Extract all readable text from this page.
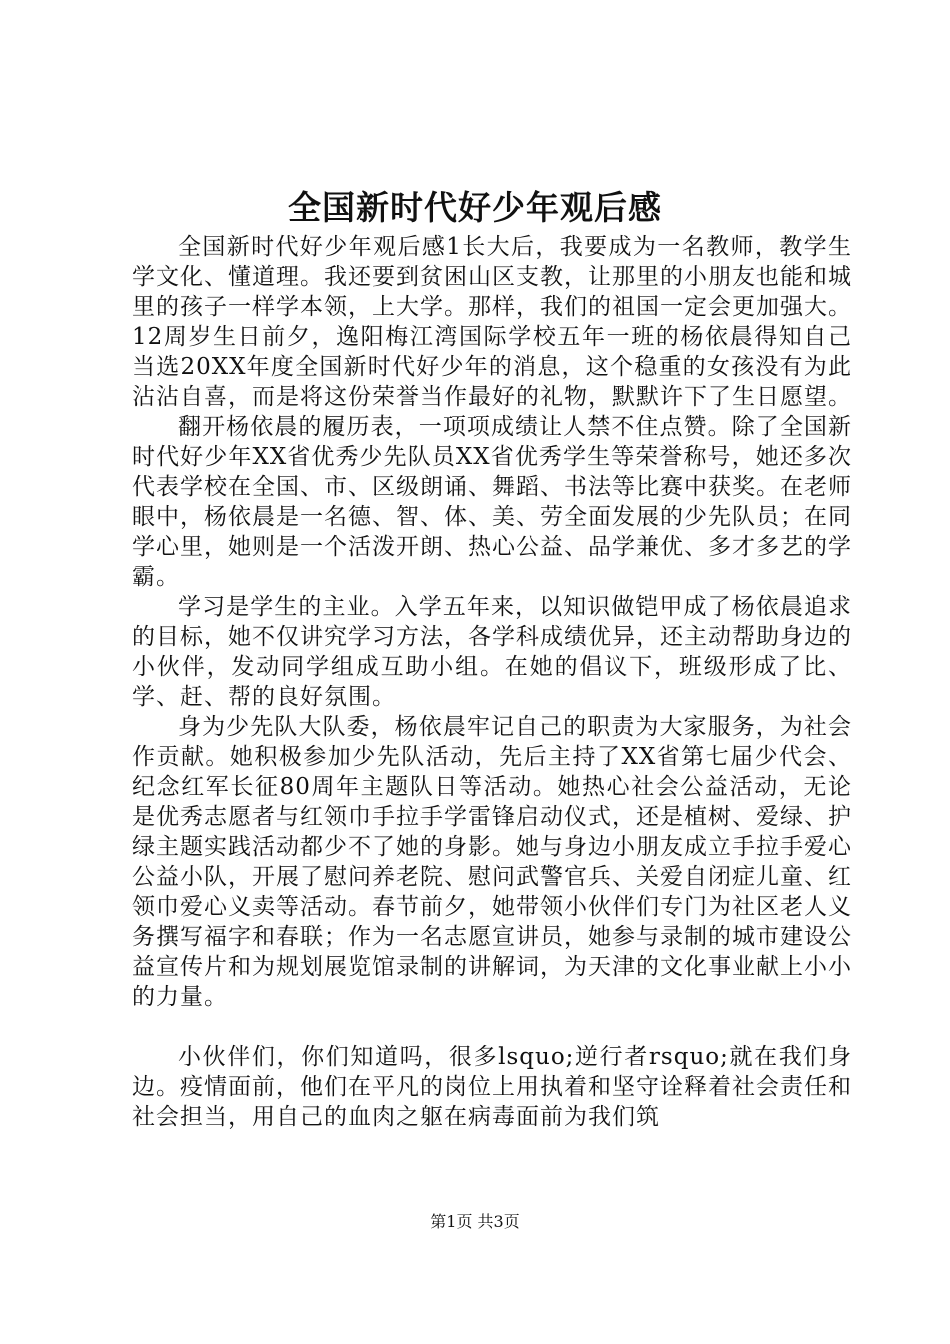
全国新时代好少年观后感

全国新时代好少年观后感1长大后，我要成为一名教师，教学生学文化、懂道理。我还要到贫困山区支教，让那里的小朋友也能和城里的孩子一样学本领，上大学。那样，我们的祖国一定会更加强大。12周岁生日前夕，逸阳梅江湾国际学校五年一班的杨依晨得知自己当选20XX年度全国新时代好少年的消息，这个稳重的女孩没有为此沾沾自喜，而是将这份荣誉当作最好的礼物，默默许下了生日愿望。

翻开杨依晨的履历表，一项项成绩让人禁不住点赞。除了全国新时代好少年XX省优秀少先队员XX省优秀学生等荣誉称号，她还多次代表学校在全国、市、区级朗诵、舞蹈、书法等比赛中获奖。在老师眼中，杨依晨是一名德、智、体、美、劳全面发展的少先队员；在同学心里，她则是一个活泼开朗、热心公益、品学兼优、多才多艺的学霸。

学习是学生的主业。入学五年来，以知识做铠甲成了杨依晨追求的目标，她不仅讲究学习方法，各学科成绩优异，还主动帮助身边的小伙伴，发动同学组成互助小组。在她的倡议下，班级形成了比、学、赶、帮的良好氛围。

身为少先队大队委，杨依晨牢记自己的职责为大家服务，为社会作贡献。她积极参加少先队活动，先后主持了XX省第七届少代会、纪念红军长征80周年主题队日等活动。她热心社会公益活动，无论是优秀志愿者与红领巾手拉手学雷锋启动仪式，还是植树、爱绿、护绿主题实践活动都少不了她的身影。她与身边小朋友成立手拉手爱心公益小队，开展了慰问养老院、慰问武警官兵、关爱自闭症儿童、红领巾爱心义卖等活动。春节前夕，她带领小伙伴们专门为社区老人义务撰写福字和春联；作为一名志愿宣讲员，她参与录制的城市建设公益宣传片和为规划展览馆录制的讲解词，为天津的文化事业献上小小的力量。

小伙伴们，你们知道吗，很多lsquo;逆行者rsquo;就在我们身边。疫情面前，他们在平凡的岗位上用执着和坚守诠释着社会责任和社会担当，用自己的血肉之躯在病毒面前为我们筑

第1页 共3页
